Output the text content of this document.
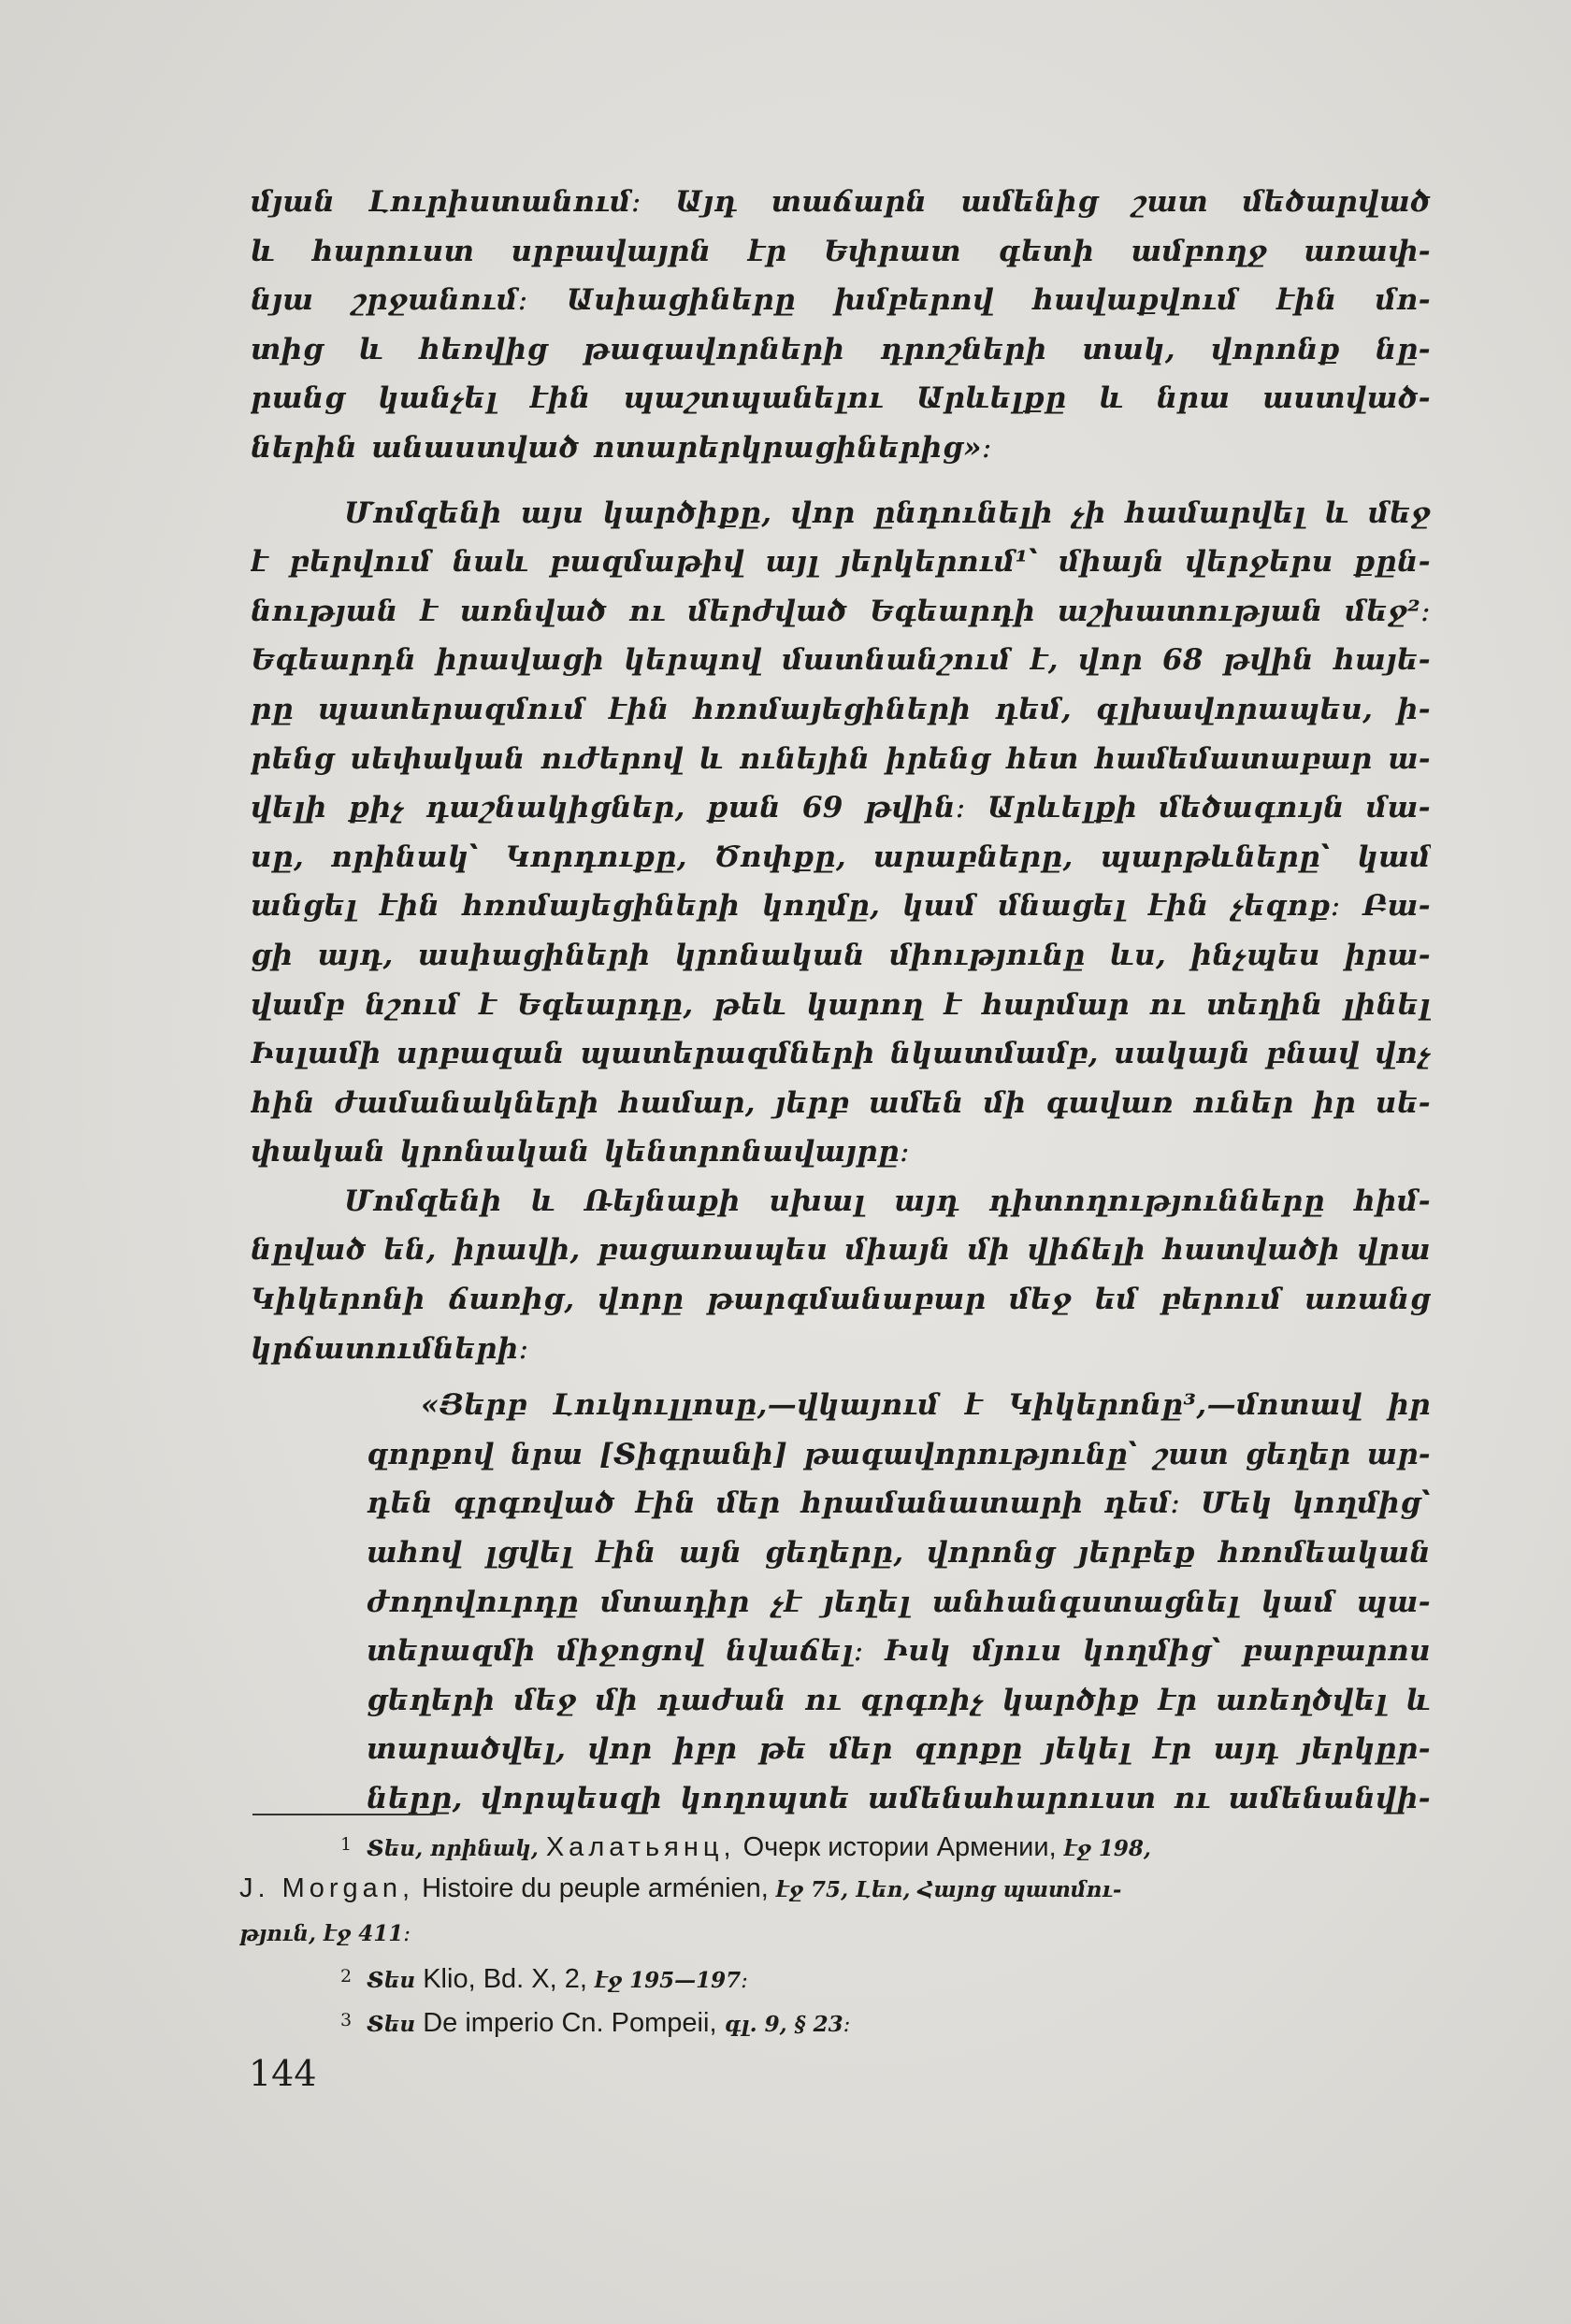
մյան Լուրիստանում։ Այդ տաճարն ամենից շատ մեծարված
և հարուստ սրբավայրն էր Եփրատ գետի ամբողջ առափ-
նյա շրջանում։ Ասիացիները խմբերով հավաքվում էին մո-
տից և հեռվից թագավորների դրոշների տակ, վորոնք նը-
րանց կանչել էին պաշտպանելու Արևելքը և նրա աստված-
ներին անաստված ոտարերկրացիներից»։
Մոմզենի այս կարծիքը, վոր ընդունելի չի համարվել և մեջ
է բերվում նաև բազմաթիվ այլ յերկերում¹՝ միայն վերջերս քըն-
նության է առնված ու մերժված Եգեարդի աշխատության մեջ²։
Եգեարդն իրավացի կերպով մատնանշում է, վոր 68 թվին հայե-
րը պատերազմում էին հռոմայեցիների դեմ, գլխավորապես, ի-
րենց սեփական ուժերով և ունեյին իրենց հետ համեմատաբար ա-
վելի քիչ դաշնակիցներ, քան 69 թվին։ Արևելքի մեծագույն մա-
սը, որինակ՝ Կորդուքը, Ծոփքը, արաբները, պարթևները՝ կամ
անցել էին հռոմայեցիների կողմը, կամ մնացել էին չեզոք։ Բա-
ցի այդ, ասիացիների կրոնական միությունը ևս, ինչպես իրա-
վամբ նշում է Եգեարդը, թեև կարող է հարմար ու տեղին լինել
Իսլամի սրբազան պատերազմների նկատմամբ, սակայն բնավ վոչ
հին ժամանակների համար, յերբ ամեն մի գավառ ուներ իր սե-
փական կրոնական կենտրոնավայրը։
Մոմզենի և Ռեյնաքի սխալ այդ դիտողությունները հիմ-
նըված են, իրավի, բացառապես միայն մի վիճելի հատվածի վրա
Կիկերոնի ճառից, վորը թարգմանաբար մեջ եմ բերում առանց
կրճատումների։
«Յերբ Լուկուլլոսը,—վկայում է Կիկերոնը³,—մոտավ իր
զորքով նրա [Տիգրանի] թագավորությունը՝ շատ ցեղեր ար-
դեն գրգռված էին մեր հրամանատարի դեմ։ Մեկ կողմից՝
ահով լցվել էին այն ցեղերը, վորոնց յերբեք հռոմեական
ժողովուրդը մտադիր չէ յեղել անհանգստացնել կամ պա-
տերազմի միջոցով նվաճել։ Իսկ մյուս կողմից՝ բարբարոս
ցեղերի մեջ մի դաժան ու գրգռիչ կարծիք էր առեղծվել և
տարածվել, վոր իբր թե մեր զորքը յեկել էր այդ յերկըր-
ները, վորպեսզի կողոպտե ամենահարուստ ու ամենանվի-
$^1$ Տես, որինակ, Халатьянц, Очерк истории Армении, էջ 198,
J. Morgan, Histoire du peuple arménien, էջ 75, Լեո, Հայոց պատմու-
թյուն, էջ 411։
$^2$ Տես Klio, Bd. X, 2, էջ 195—197։
$^3$ Տես De imperio Cn. Pompeii, գլ. 9, § 23։
144
